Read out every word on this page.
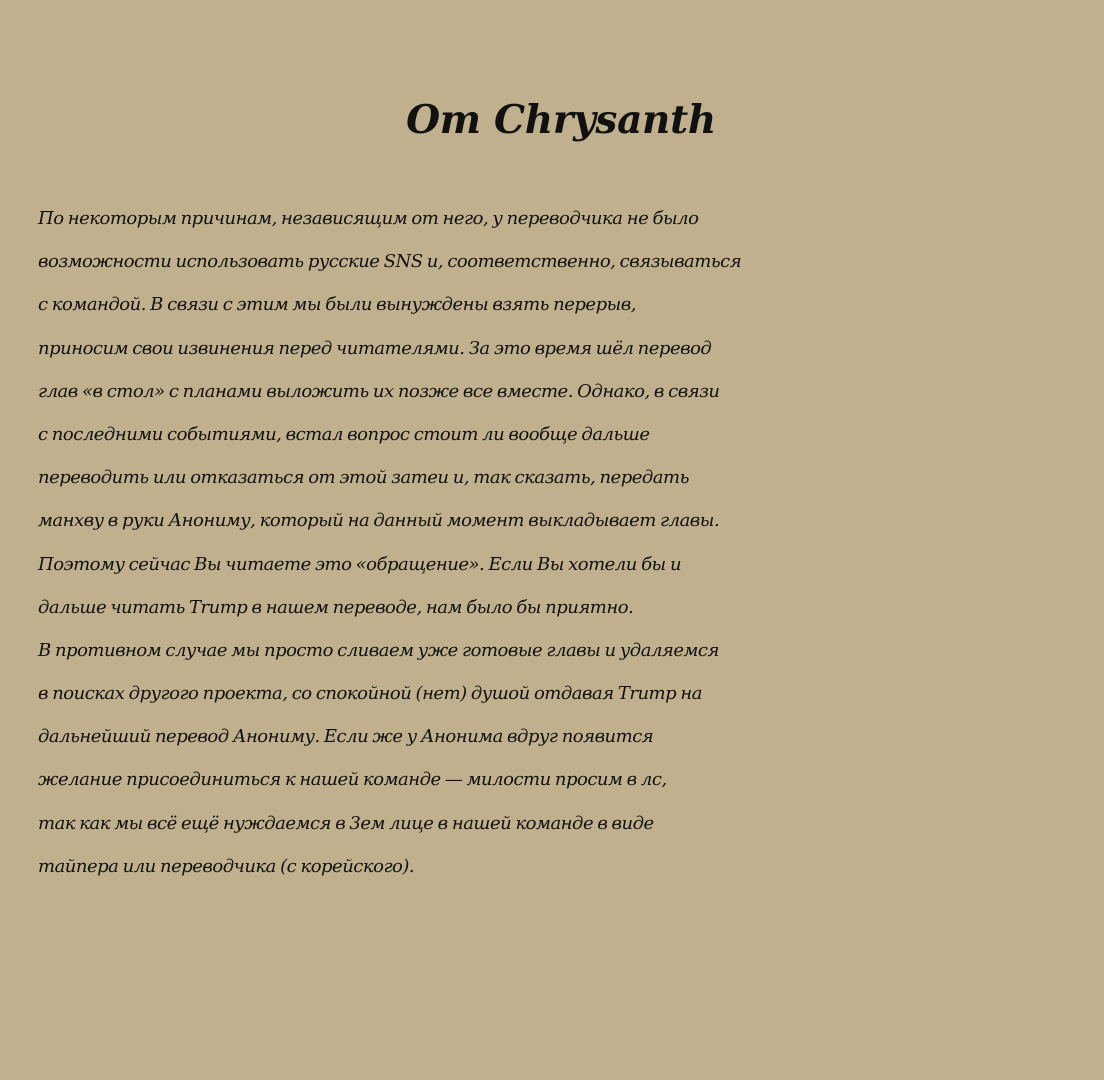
От Chrysanth
По некоторым причинам, независящим от него, у переводчика не было
возможности использовать русские SNS и, соответственно, связываться
с командой. В связи с этим мы были вынуждены взять перерыв,
приносим свои извинения перед читателями. За это время шёл перевод
глав «в стол» с планами выложить их позже все вместе. Однако, в связи
с последними событиями, встал вопрос стоит ли вообще дальше
переводить или отказаться от этой затеи и, так сказать, передать
манхву в руки Анониму, который на данный момент выкладывает главы.
Поэтому сейчас Вы читаете это «обращение». Если Вы хотели бы и
дальше читать Trump в нашем переводе, нам было бы приятно.
В противном случае мы просто сливаем уже готовые главы и удаляемся
в поисках другого проекта, со спокойной (нет) душой отдавая Trump на
дальнейший перевод Анониму. Если же у Анонима вдруг появится
желание присоединиться к нашей команде — милости просим в лс,
так как мы всё ещё нуждаемся в 3ем лице в нашей команде в виде
тайпера или переводчика (с корейского).
